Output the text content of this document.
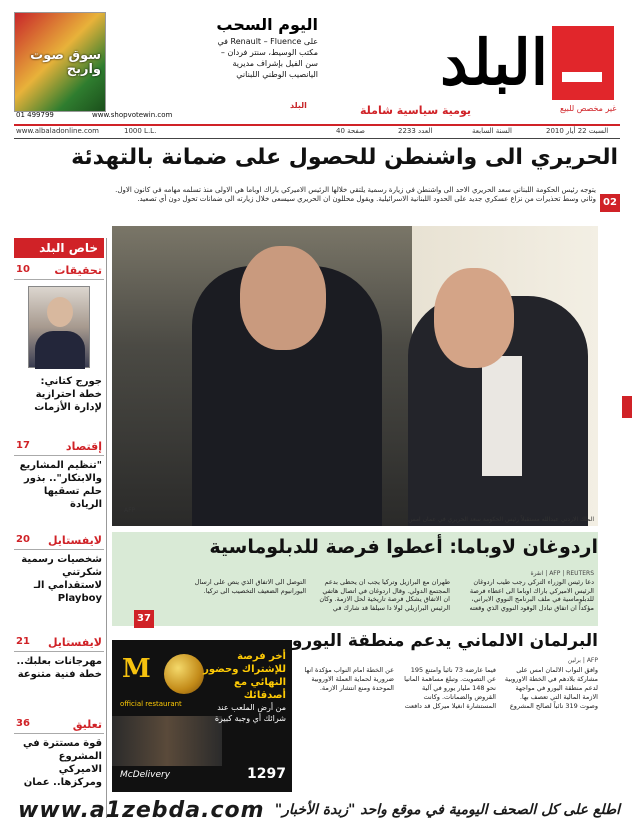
سوق صوت واربح
01 499799	www.shopvotewin.com
البلد
اليوم السحب
على Renault – Fluence في مكتب الوسيط، سنتر فردان – سن الفيل بإشراف مديرية اليانصيب الوطني اللبناني	البلد
يومية سياسية شاملة	غير مخصص للبيع
www.albaladonline.com	1000 L.L.	40 صفحة	العدد 2233	السنة السابعة	السبت 22 أيار 2010
الحريري الى واشنطن للحصول على ضمانة بالتهدئة
يتوجه رئيس الحكومة اللبناني سعد الحريري الاحد الى واشنطن في زيارة رسمية يلتقي خلالها الرئيس الاميركي باراك اوباما هي الاولى منذ تسلمه مهامه في كانون الاول. وثاني وسط تحذيرات من نزاع عسكري جديد على الحدود اللبنانية الاسرائيلية. ويقول محللون ان الحريري سيسعى خلال زيارته الى ضمانات تحول دون أي تصعيد. 02
خاص البلد
تحقيقات
10
جورج كتاني: خطة احترازية لإدارة الأزمات
إقتصاد
17
"تنظيم المشاريع والابتكار".. بذور حلم تسقيها الريادة
لايفستايل
20
شخصيات رسمية شكرتني لاستقدامي الـ Playboy
لايفستايل
21
مهرجانات بعلبك.. خطة فنية متنوعة
تعليق
36
قوة مستترة في المشروع الاميركي ومركزها.. عمان
AFP
الملك الاردني عبدالله مستقبلاً رئيس الحكومة سعد الحريري في عمان امس
اردوغان لاوباما: أعطوا فرصة للدبلوماسية
AFP | REUTERS | انقرة
دعا رئيس الوزراء التركي رجب طيب اردوغان الرئيس الاميركي باراك اوباما الى اعطاء فرصة للدبلوماسية في ملف البرنامج النووي الايراني، مؤكداً ان اتفاق تبادل الوقود النووي الذي وقعته طهران مع البرازيل وتركيا يجب ان يحظى بدعم المجتمع الدولي. وقال اردوغان في اتصال هاتفي ان الاتفاق يشكل فرصة تاريخية لحل الازمة. وكان الرئيس البرازيلي لولا دا سيلفا قد شارك في التوصل الى الاتفاق الذي ينص على ارسال اليورانيوم الضعيف التخصيب الى تركيا.
37
البرلمان الالماني يدعم منطقة اليورو
AFP | برلين
وافق النواب الالمان امس على مشاركة بلادهم في الخطة الاوروبية لدعم منطقة اليورو في مواجهة الازمة المالية التي تعصف بها. وصوت 319 نائباً لصالح المشروع فيما عارضه 73 نائباً وامتنع 195 عن التصويت. وتبلغ مساهمة المانيا نحو 148 مليار يورو في آلية القروض والضمانات. وكانت المستشارة انغيلا ميركل قد دافعت عن الخطة امام النواب مؤكدة انها ضرورية لحماية العملة الاوروبية الموحدة ومنع انتشار الازمة.
M
official restaurant
أخر فرصة للإشتراك وحضور النهائي مع أصدقائك
من أرض الملعب عند شرائك أي وجبة كبيرة
McDelivery	1297
www.a1zebda.com اطلع على كل الصحف اليومية في موقع واحد "زبدة الأخبار"
